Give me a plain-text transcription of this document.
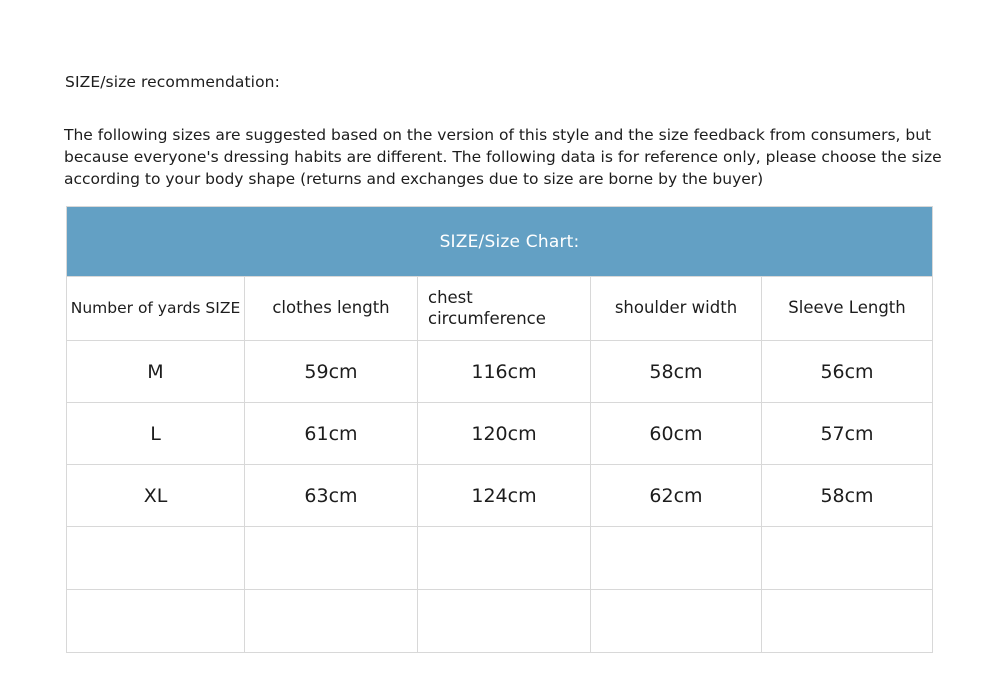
SIZE/size recommendation:
The following sizes are suggested based on the version of this style and the size feedback from consumers, but because everyone's dressing habits are different. The following data is for reference only, please choose the size according to your body shape (returns and exchanges due to size are borne by the buyer)
SIZE/Size Chart:				

Number of yards SIZE	clothes length	chest circumference	shoulder width	Sleeve Length
M	59cm	116cm	58cm	56cm
L	61cm	120cm	60cm	57cm
XL	63cm	124cm	62cm	58cm
